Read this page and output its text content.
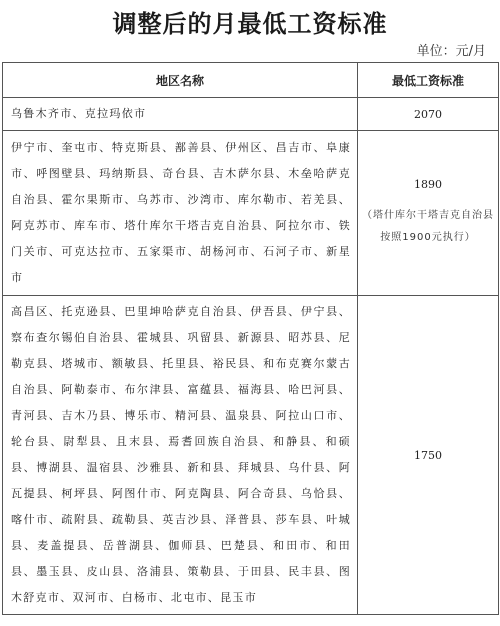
调整后的月最低工资标准
单位：元/月
地区名称	最低工资标准
乌鲁木齐市、克拉玛依市	2070

伊宁市、奎屯市、特克斯县、鄯善县、伊州区、昌吉市、阜康市、呼图壁县、玛纳斯县、奇台县、吉木萨尔县、木垒哈萨克自治县、霍尔果斯市、乌苏市、沙湾市、库尔勒市、若羌县、阿克苏市、库车市、塔什库尔干塔吉克自治县、阿拉尔市、铁门关市、可克达拉市、五家渠市、胡杨河市、石河子市、新星市	1890
（塔什库尔干塔吉克自治县按照1900元执行）

高昌区、托克逊县、巴里坤哈萨克自治县、伊吾县、伊宁县、察布查尔锡伯自治县、霍城县、巩留县、新源县、昭苏县、尼勒克县、塔城市、额敏县、托里县、裕民县、和布克赛尔蒙古自治县、阿勒泰市、布尔津县、富蕴县、福海县、哈巴河县、青河县、吉木乃县、博乐市、精河县、温泉县、阿拉山口市、轮台县、尉犁县、且末县、焉耆回族自治县、和静县、和硕县、博湖县、温宿县、沙雅县、新和县、拜城县、乌什县、阿瓦提县、柯坪县、阿图什市、阿克陶县、阿合奇县、乌恰县、喀什市、疏附县、疏勒县、英吉沙县、泽普县、莎车县、叶城县、麦盖提县、岳普湖县、伽师县、巴楚县、和田市、和田县、墨玉县、皮山县、洛浦县、策勒县、于田县、民丰县、图木舒克市、双河市、白杨市、北屯市、昆玉市	1750
